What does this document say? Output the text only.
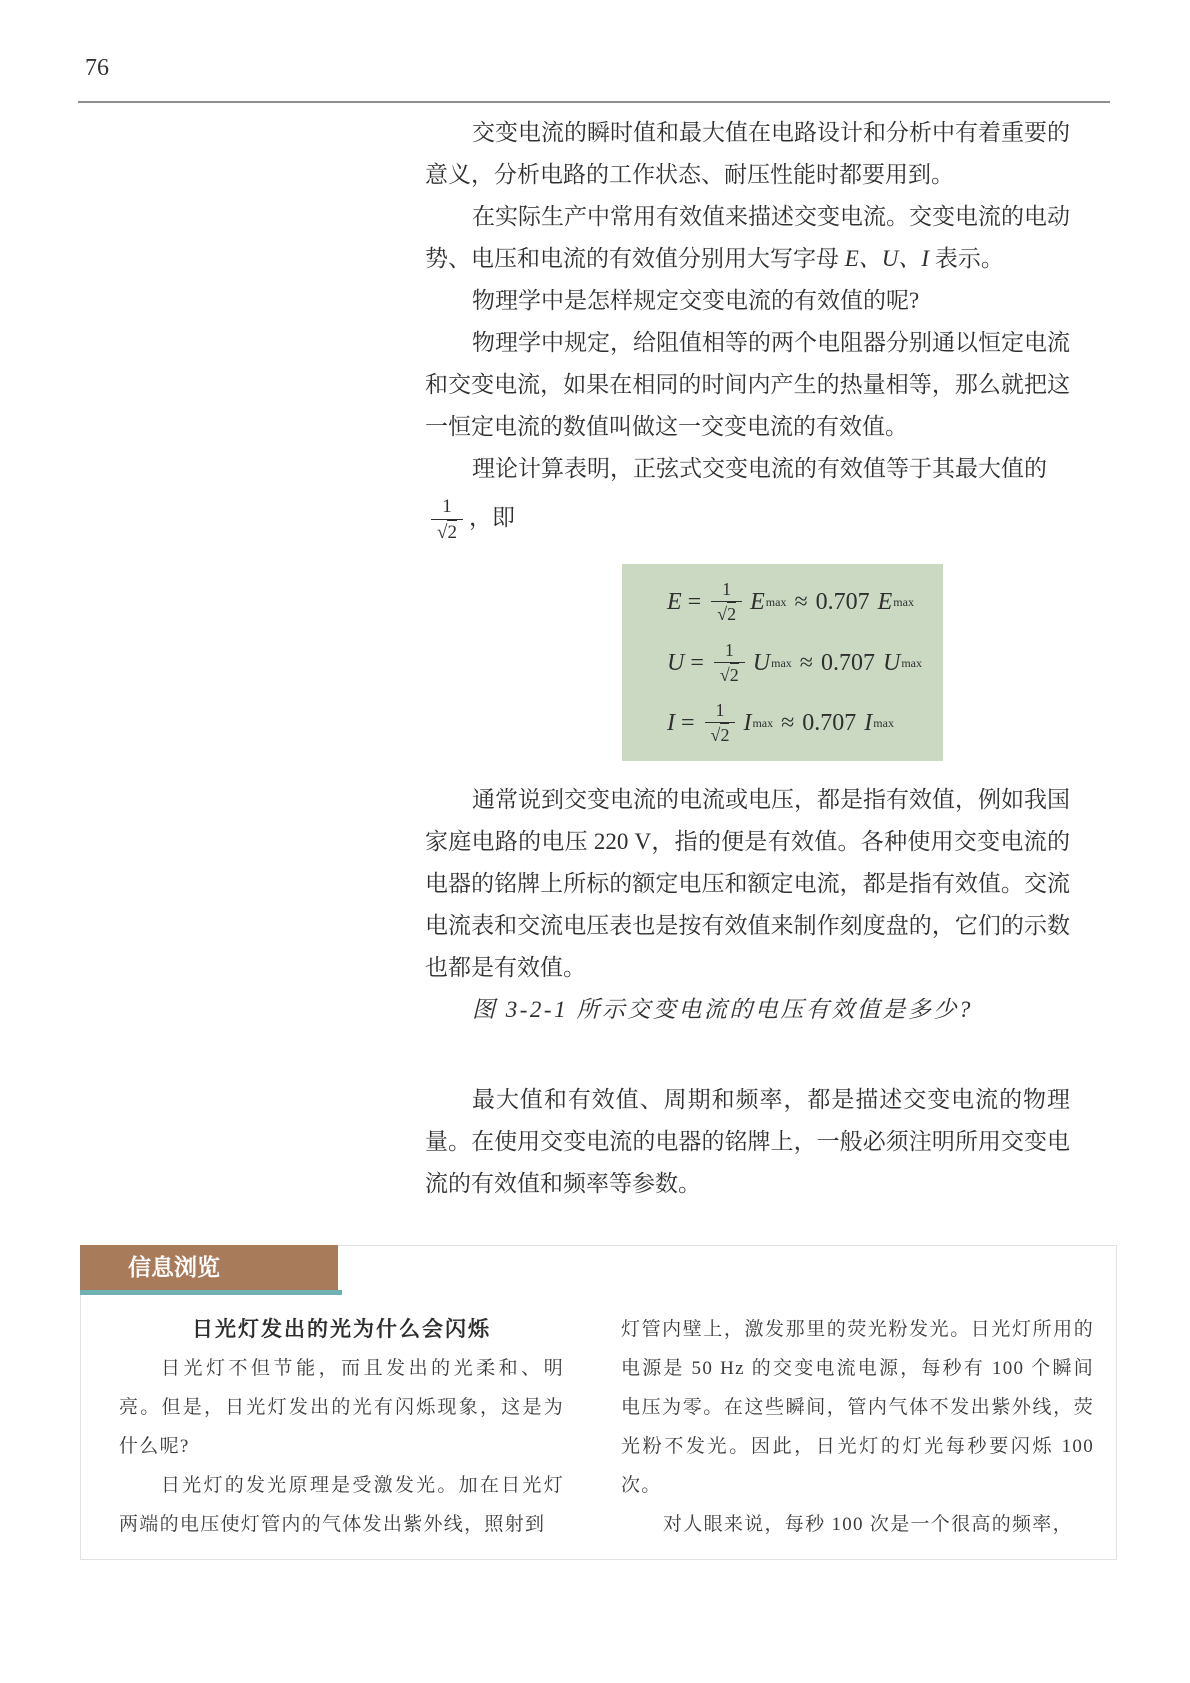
76

交变电流的瞬时值和最大值在电路设计和分析中有着重要的意义，分析电路的工作状态、耐压性能时都要用到。

在实际生产中常用有效值来描述交变电流。交变电流的电动势、电压和电流的有效值分别用大写字母 E、U、I 表示。

物理学中是怎样规定交变电流的有效值的呢?

物理学中规定，给阻值相等的两个电阻器分别通以恒定电流和交变电流，如果在相同的时间内产生的热量相等，那么就把这一恒定电流的数值叫做这一交变电流的有效值。

理论计算表明，正弦式交变电流的有效值等于其最大值的

$\frac{1}{√2}$ ，即
$E = \frac{1}{√2}$ E max ≈ 0.707 E max
$U = \frac{1}{√2}$ U max ≈ 0.707 U max
$I = \frac{1}{√2}$ I max ≈ 0.707 I max

通常说到交变电流的电流或电压，都是指有效值，例如我国家庭电路的电压 220 V，指的便是有效值。各种使用交变电流的电器的铭牌上所标的额定电压和额定电流，都是指有效值。交流电流表和交流电压表也是按有效值来制作刻度盘的，它们的示数也都是有效值。

图 3-2-1 所示交变电流的电压有效值是多少?

最大值和有效值、周期和频率，都是描述交变电流的物理量。在使用交变电流的电器的铭牌上，一般必须注明所用交变电流的有效值和频率等参数。

信息浏览

日光灯发出的光为什么会闪烁

日光灯不但节能，而且发出的光柔和、明亮。但是，日光灯发出的光有闪烁现象，这是为什么呢?

日光灯的发光原理是受激发光。加在日光灯两端的电压使灯管内的气体发出紫外线，照射到

灯管内壁上，激发那里的荧光粉发光。日光灯所用的电源是 50 Hz 的交变电流电源，每秒有 100 个瞬间电压为零。在这些瞬间，管内气体不发出紫外线，荧光粉不发光。因此，日光灯的灯光每秒要闪烁 100 次。

对人眼来说，每秒 100 次是一个很高的频率，
